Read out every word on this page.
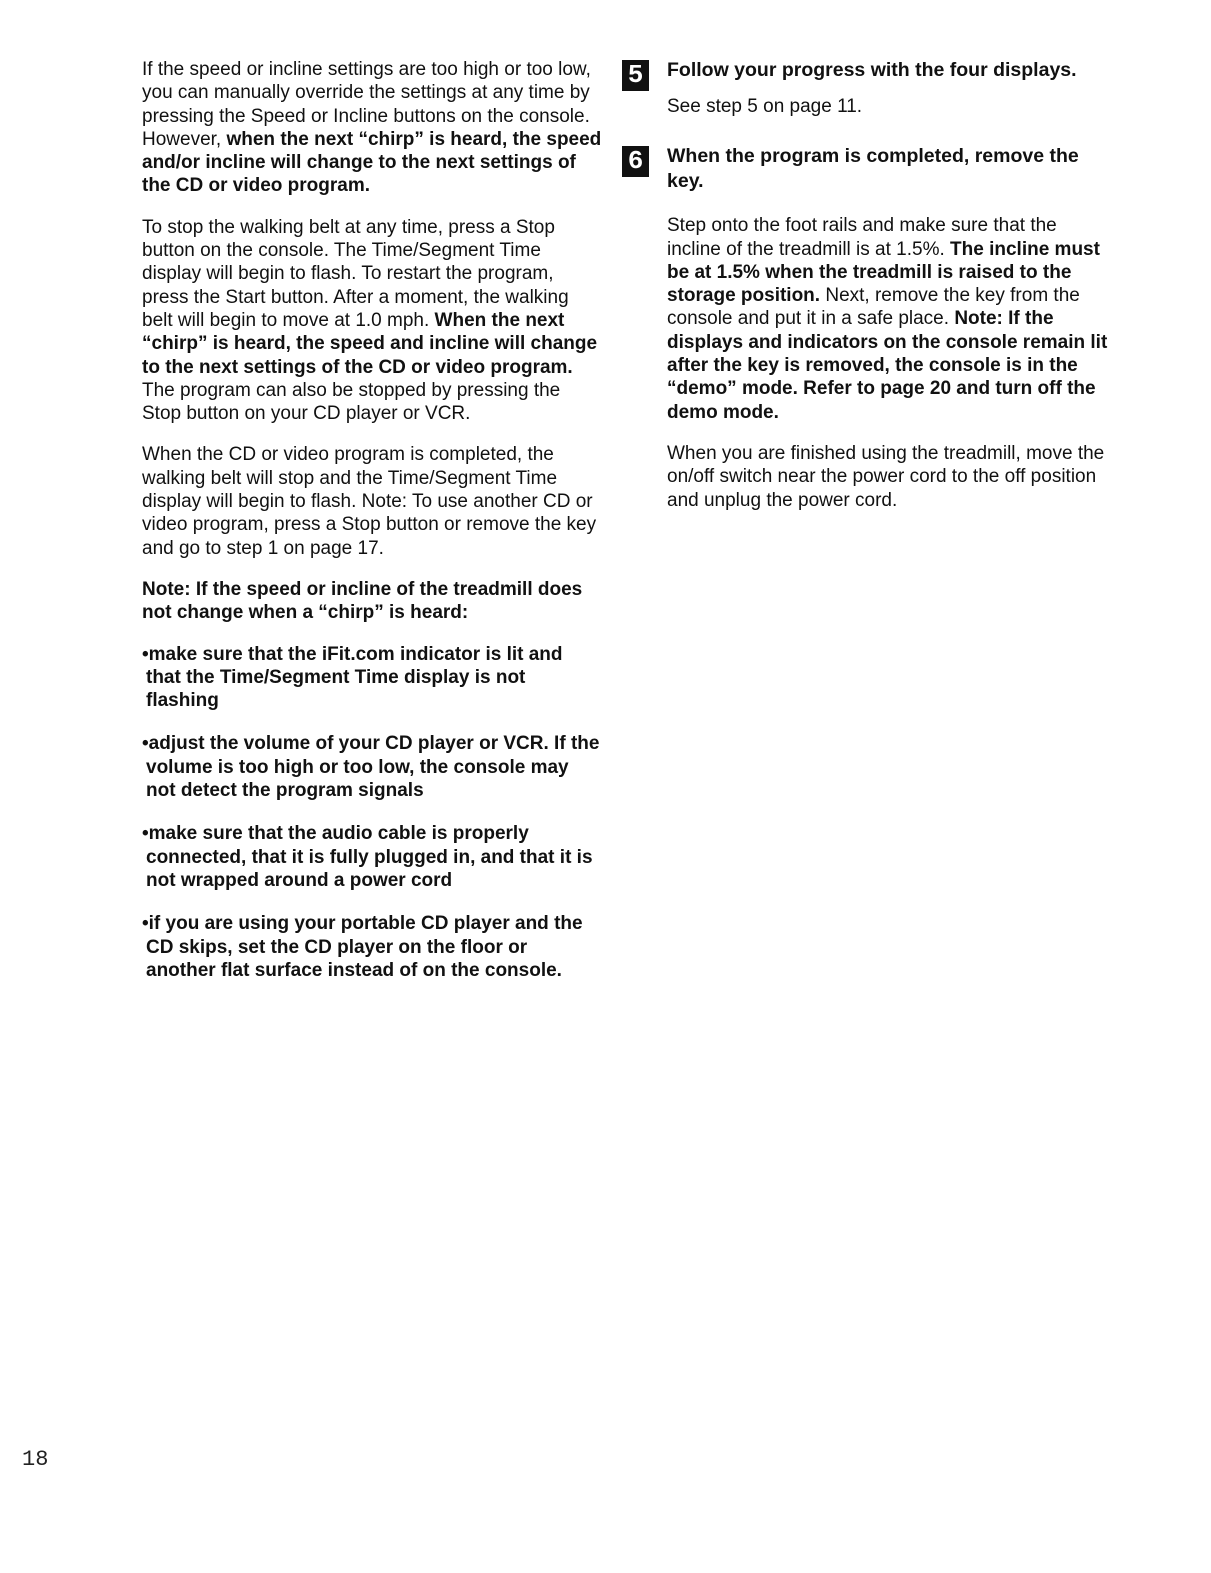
If the speed or incline settings are too high or too low, you can manually override the settings at any time by pressing the Speed or Incline buttons on the console. However, when the next “chirp” is heard, the speed and/or incline will change to the next settings of the CD or video program.

To stop the walking belt at any time, press a Stop button on the console. The Time/Segment Time display will begin to flash. To restart the program, press the Start button. After a moment, the walking belt will begin to move at 1.0 mph. When the next “chirp” is heard, the speed and incline will change to the next settings of the CD or video program. The program can also be stopped by pressing the Stop button on your CD player or VCR.

When the CD or video program is completed, the walking belt will stop and the Time/Segment Time display will begin to flash. Note: To use another CD or video program, press a Stop button or remove the key and go to step 1 on page 17.

Note: If the speed or incline of the treadmill does not change when a “chirp” is heard:

•make sure that the iFit.com indicator is lit and that the Time/Segment Time display is not flashing

•adjust the volume of your CD player or VCR. If the volume is too high or too low, the console may not detect the program signals

•make sure that the audio cable is properly connected, that it is fully plugged in, and that it is not wrapped around a power cord

•if you are using your portable CD player and the CD skips, set the CD player on the floor or another flat surface instead of on the console.

5 Follow your progress with the four displays.

See step 5 on page 11.

6 When the program is completed, remove the key.

Step onto the foot rails and make sure that the incline of the treadmill is at 1.5%. The incline must be at 1.5% when the treadmill is raised to the storage position. Next, remove the key from the console and put it in a safe place. Note: If the displays and indicators on the console remain lit after the key is removed, the console is in the “demo” mode. Refer to page 20 and turn off the demo mode.

When you are finished using the treadmill, move the on/off switch near the power cord to the off position and unplug the power cord.

18
